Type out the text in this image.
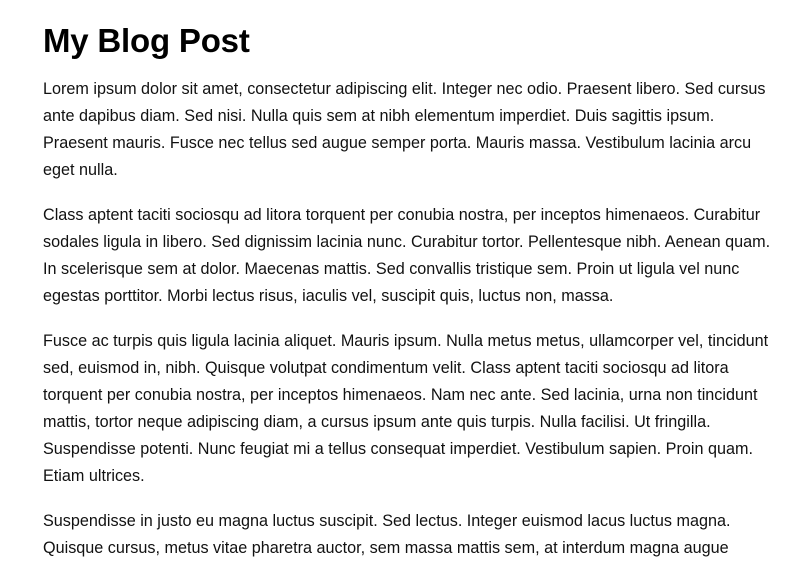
My Blog Post

Lorem ipsum dolor sit amet, consectetur adipiscing elit. Integer nec odio. Praesent libero. Sed cursus ante dapibus diam. Sed nisi. Nulla quis sem at nibh elementum imperdiet. Duis sagittis ipsum. Praesent mauris. Fusce nec tellus sed augue semper porta. Mauris massa. Vestibulum lacinia arcu eget nulla.

Class aptent taciti sociosqu ad litora torquent per conubia nostra, per inceptos himenaeos. Curabitur sodales ligula in libero. Sed dignissim lacinia nunc. Curabitur tortor. Pellentesque nibh. Aenean quam. In scelerisque sem at dolor. Maecenas mattis. Sed convallis tristique sem. Proin ut ligula vel nunc egestas porttitor. Morbi lectus risus, iaculis vel, suscipit quis, luctus non, massa.

Fusce ac turpis quis ligula lacinia aliquet. Mauris ipsum. Nulla metus metus, ullamcorper vel, tincidunt sed, euismod in, nibh. Quisque volutpat condimentum velit. Class aptent taciti sociosqu ad litora torquent per conubia nostra, per inceptos himenaeos. Nam nec ante. Sed lacinia, urna non tincidunt mattis, tortor neque adipiscing diam, a cursus ipsum ante quis turpis. Nulla facilisi. Ut fringilla. Suspendisse potenti. Nunc feugiat mi a tellus consequat imperdiet. Vestibulum sapien. Proin quam. Etiam ultrices.

Suspendisse in justo eu magna luctus suscipit. Sed lectus. Integer euismod lacus luctus magna. Quisque cursus, metus vitae pharetra auctor, sem massa mattis sem, at interdum magna augue
